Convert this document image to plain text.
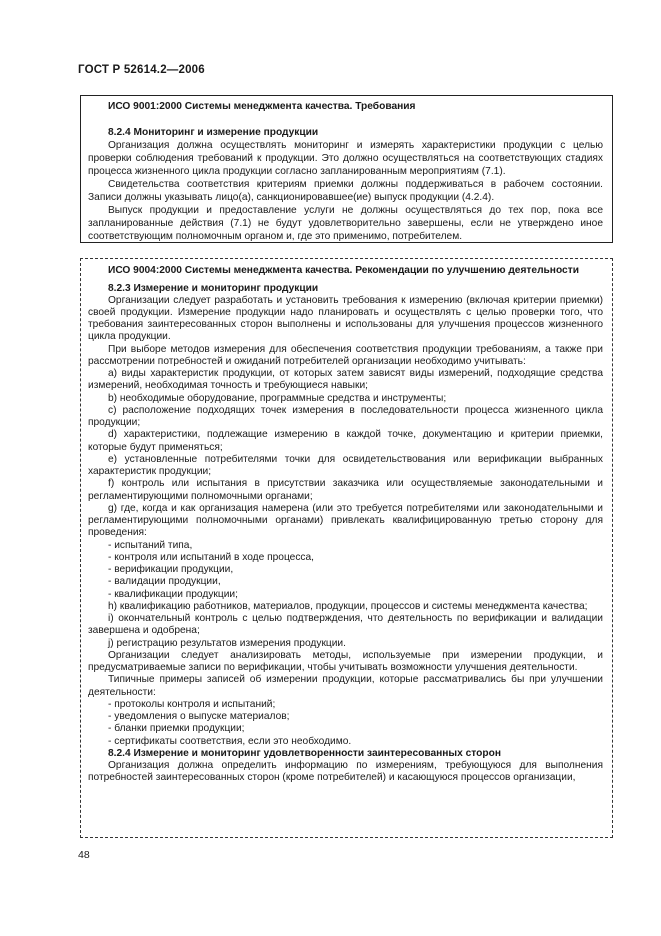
ГОСТ Р 52614.2—2006

ИСО 9001:2000 Системы менеджмента качества. Требования

8.2.4 Мониторинг и измерение продукции

Организация должна осуществлять мониторинг и измерять характеристики продукции с целью проверки соблюдения требований к продукции. Это должно осуществляться на соответствующих стадиях процесса жизненного цикла продукции согласно запланированным мероприятиям (7.1).

Свидетельства соответствия критериям приемки должны поддерживаться в рабочем состоянии. Записи должны указывать лицо(а), санкционировавшее(ие) выпуск продукции (4.2.4).

Выпуск продукции и предоставление услуги не должны осуществляться до тех пор, пока все запланированные действия (7.1) не будут удовлетворительно завершены, если не утверждено иное соответствующим полномочным органом и, где это применимо, потребителем.

ИСО 9004:2000 Системы менеджмента качества. Рекомендации по улучшению деятельности

8.2.3 Измерение и мониторинг продукции

Организации следует разработать и установить требования к измерению (включая критерии приемки) своей продукции. Измерение продукции надо планировать и осуществлять с целью проверки того, что требования заинтересованных сторон выполнены и использованы для улучшения процессов жизненного цикла продукции.

При выборе методов измерения для обеспечения соответствия продукции требованиям, а также при рассмотрении потребностей и ожиданий потребителей организации необходимо учитывать:

а) виды характеристик продукции, от которых затем зависят виды измерений, подходящие средства измерений, необходимая точность и требующиеся навыки;

b) необходимые оборудование, программные средства и инструменты;

c) расположение подходящих точек измерения в последовательности процесса жизненного цикла продукции;

d) характеристики, подлежащие измерению в каждой точке, документацию и критерии приемки, которые будут применяться;

e) установленные потребителями точки для освидетельствования или верификации выбранных характеристик продукции;

f) контроль или испытания в присутствии заказчика или осуществляемые законодательными и регламентирующими полномочными органами;

g) где, когда и как организация намерена (или это требуется потребителями или законодательными и регламентирующими полномочными органами) привлекать квалифицированную третью сторону для проведения:

- испытаний типа,

- контроля или испытаний в ходе процесса,

- верификации продукции,

- валидации продукции,

- квалификации продукции;

h) квалификацию работников, материалов, продукции, процессов и системы менеджмента качества;

i) окончательный контроль с целью подтверждения, что деятельность по верификации и валидации завершена и одобрена;

j) регистрацию результатов измерения продукции.

Организации следует анализировать методы, используемые при измерении продукции, и предусматриваемые записи по верификации, чтобы учитывать возможности улучшения деятельности.

Типичные примеры записей об измерении продукции, которые рассматривались бы при улучшении деятельности:

- протоколы контроля и испытаний;

- уведомления о выпуске материалов;

- бланки приемки продукции;

- сертификаты соответствия, если это необходимо.

8.2.4 Измерение и мониторинг удовлетворенности заинтересованных сторон

Организация должна определить информацию по измерениям, требующуюся для выполнения потребностей заинтересованных сторон (кроме потребителей) и касающуюся процессов организации,

48
